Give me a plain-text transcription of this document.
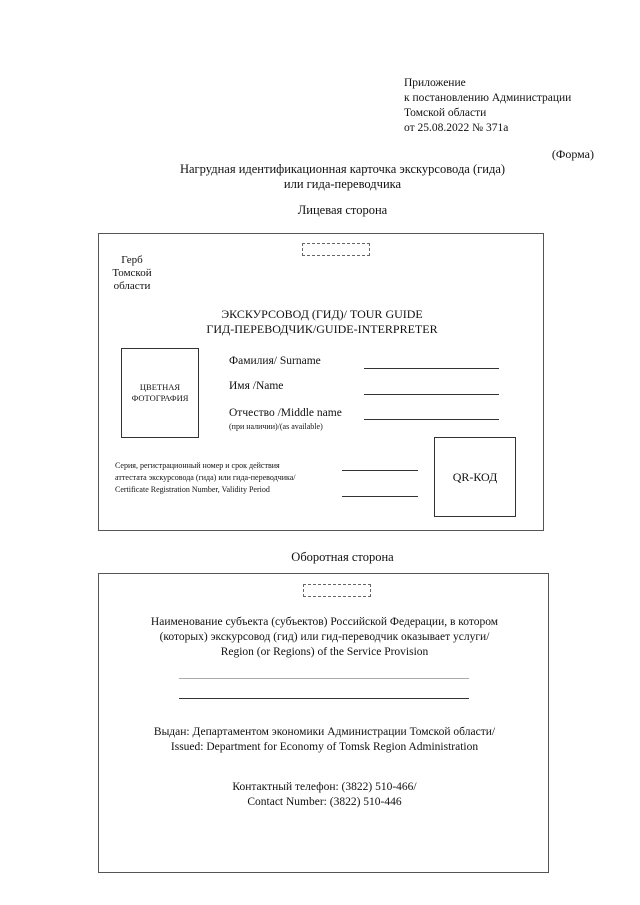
Приложение
к постановлению Администрации
Томской области
от 25.08.2022 № 371а
(Форма)
Нагрудная идентификационная карточка экскурсовода (гида)
или гида-переводчика
Лицевая сторона
Герб
Томской
области
ЭКСКУРСОВОД (ГИД)/ TOUR GUIDE
ГИД-ПЕРЕВОДЧИК/GUIDE-INTERPRETER
ЦВЕТНАЯ
ФОТОГРАФИЯ
Фамилия/ Surname
Имя /Name
Отчество /Middle name
(при наличии)/(as available)
Серия, регистрационный номер и срок действия
аттестата экскурсовода (гида) или гида-переводчика/
Certificate Registration Number, Validity Period
QR-КОД
Оборотная сторона
Наименование субъекта (субъектов) Российской Федерации, в котором
(которых) экскурсовод (гид) или гид-переводчик оказывает услуги/
Region (or Regions) of the Service Provision
Выдан: Департаментом экономики Администрации Томской области/
Issued: Department for Economy of Tomsk Region Administration
Контактный телефон: (3822) 510-466/
Contact Number: (3822) 510-446
